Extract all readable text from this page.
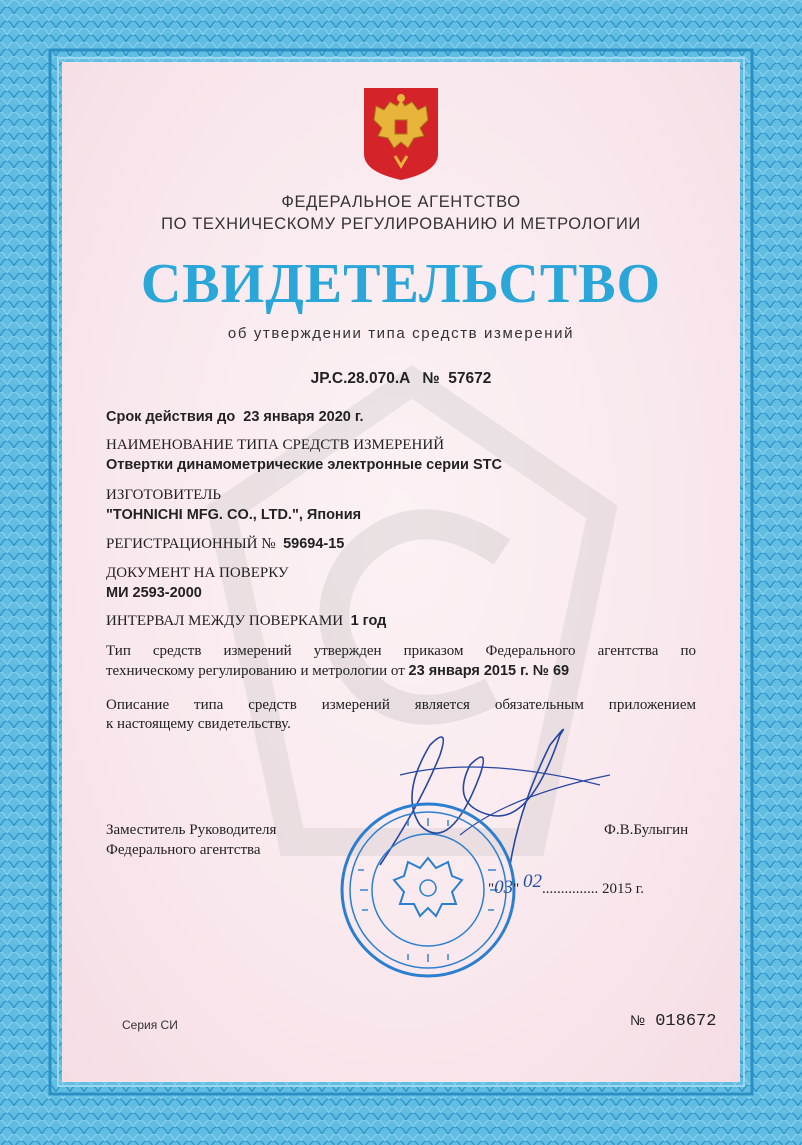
ФЕДЕРАЛЬНОЕ АГЕНТСТВО
ПО ТЕХНИЧЕСКОМУ РЕГУЛИРОВАНИЮ И МЕТРОЛОГИИ
СВИДЕТЕЛЬСТВО
об утверждении типа средств измерений
JP.C.28.070.A № 57672
Срок действия до 23 января 2020 г.
НАИМЕНОВАНИЕ ТИПА СРЕДСТВ ИЗМЕРЕНИЙ
Отвертки динамометрические электронные серии STC
ИЗГОТОВИТЕЛЬ
"TOHNICHI MFG. CO., LTD.", Япония
РЕГИСТРАЦИОННЫЙ № 59694-15
ДОКУМЕНТ НА ПОВЕРКУ
МИ 2593-2000
ИНТЕРВАЛ МЕЖДУ ПОВЕРКАМИ 1 год
Тип средств измерений утвержден приказом Федерального агентства по
техническому регулированию и метрологии от 23 января 2015 г. № 69
Описание типа средств измерений является обязательным приложением
к настоящему свидетельству.
Заместитель Руководителя
Федерального агентства
Ф.В.Булыгин
"03" 02............... 2015 г.
Серия СИ	№ 018672
